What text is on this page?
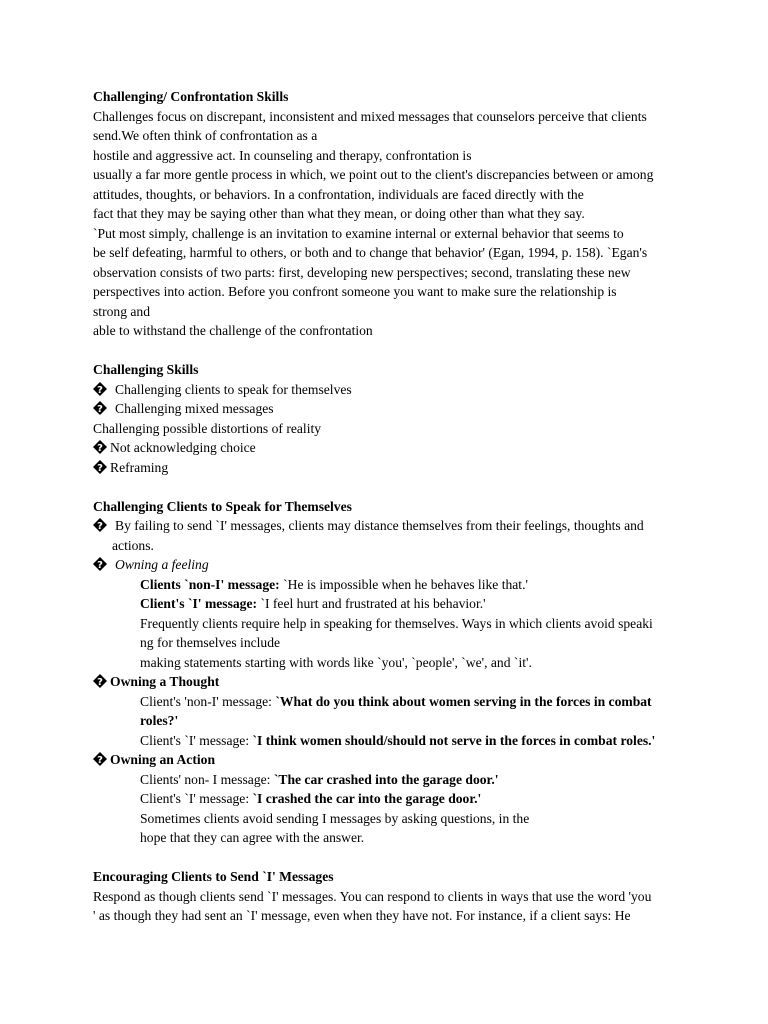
Challenging/ Confrontation Skills
Challenges focus on discrepant, inconsistent and mixed messages that counselors perceive that clients
send.We often think of confrontation as a
hostile and aggressive act. In counseling and therapy, confrontation is
usually a far more gentle process in which, we point out to the client's discrepancies between or among
attitudes, thoughts, or behaviors. In a confrontation, individuals are faced directly with the
fact that they may be saying other than what they mean, or doing other than what they say.
`Put most simply, challenge is an invitation to examine internal or external behavior that seems to
be self defeating, harmful to others, or both and to change that behavior' (Egan, 1994, p. 158). `Egan's
observation consists of two parts: first, developing new perspectives; second, translating these new
perspectives into action. Before you confront someone you want to make sure the relationship is
strong and
able to withstand the challenge of the confrontation
Challenging Skills
? Challenging clients to speak for themselves
? Challenging mixed messages
Challenging possible distortions of reality
? Not acknowledging choice
? Reframing
Challenging Clients to Speak for Themselves
? By failing to send `I' messages, clients may distance themselves from their feelings, thoughts and
actions.
? Owning a feeling
Clients `non-I' message: `He is impossible when he behaves like that.'
Client's `I' message: `I feel hurt and frustrated at his behavior.'
Frequently clients require help in speaking for themselves. Ways in which clients avoid speaki
ng for themselves include
making statements starting with words like `you', `people', `we', and `it'.
? Owning a Thought
Client's 'non-I' message: `What do you think about women serving in the forces in combat
roles?'
Client's `I' message: `I think women should/should not serve in the forces in combat roles.'
? Owning an Action
Clients' non- I message: `The car crashed into the garage door.'
Client's `I' message: `I crashed the car into the garage door.'
Sometimes clients avoid sending I messages by asking questions, in the
hope that they can agree with the answer.
Encouraging Clients to Send `I' Messages
Respond as though clients send `I' messages. You can respond to clients in ways that use the word 'you
' as though they had sent an `I' message, even when they have not. For instance, if a client says: He
